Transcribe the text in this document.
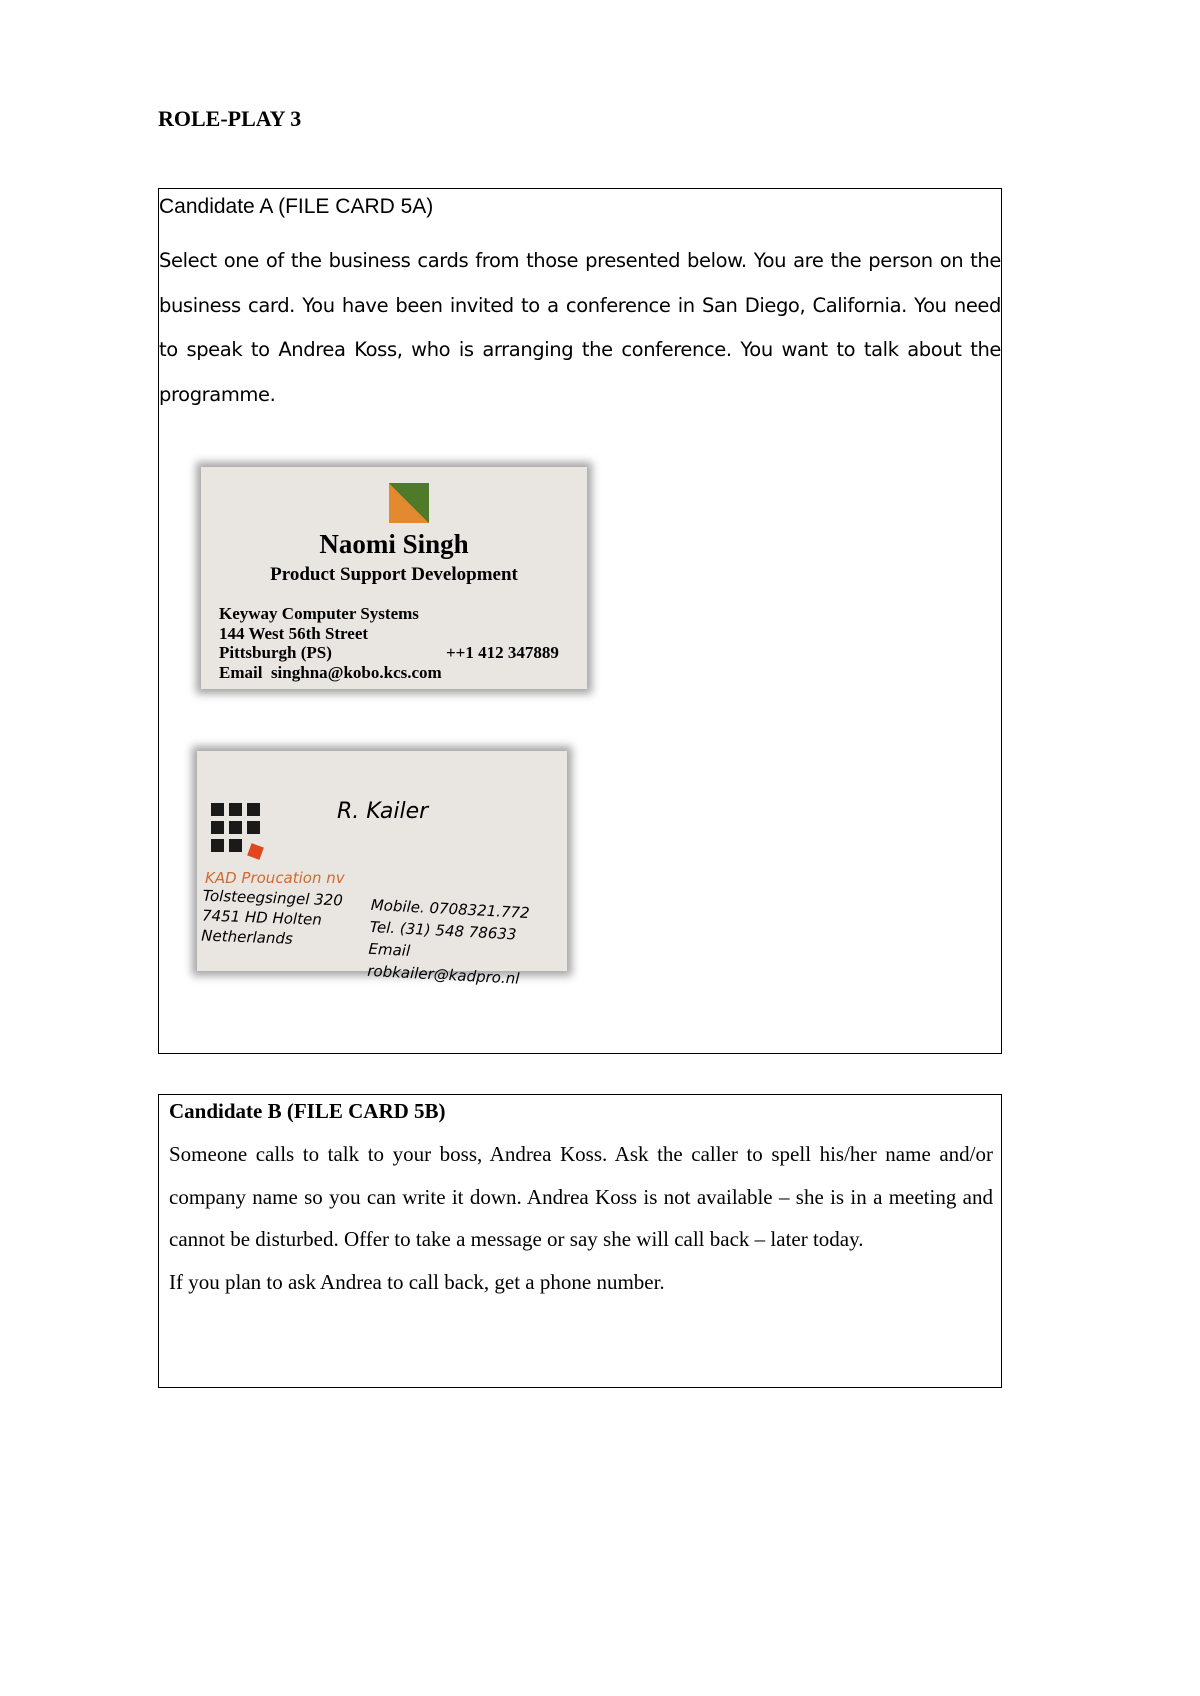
ROLE-PLAY 3
Candidate A (FILE CARD 5A)
Select one of the business cards from those presented below. You are the person on the business card. You have been invited to a conference in San Diego, California. You need to speak to Andrea Koss, who is arranging the conference. You want to talk about the programme.
Naomi Singh
Product Support Development
Keyway Computer Systems
144 West 56th Street
Pittsburgh (PS)
Email  singhna@kobo.kcs.com
++1 412 347889
R. Kailer
KAD Proucation nv
Tolsteegsingel 320
7451 HD Holten
Netherlands
Mobile. 0708321.772
Tel. (31) 548 78633
Email robkailer@kadpro.nl
Candidate B (FILE CARD 5B)
Someone calls to talk to your boss, Andrea Koss. Ask the caller to spell his/her name and/or company name so you can write it down. Andrea Koss is not available – she is in a meeting and cannot be disturbed. Offer to take a message or say she will call back – later today.
If you plan to ask Andrea to call back, get a phone number.
